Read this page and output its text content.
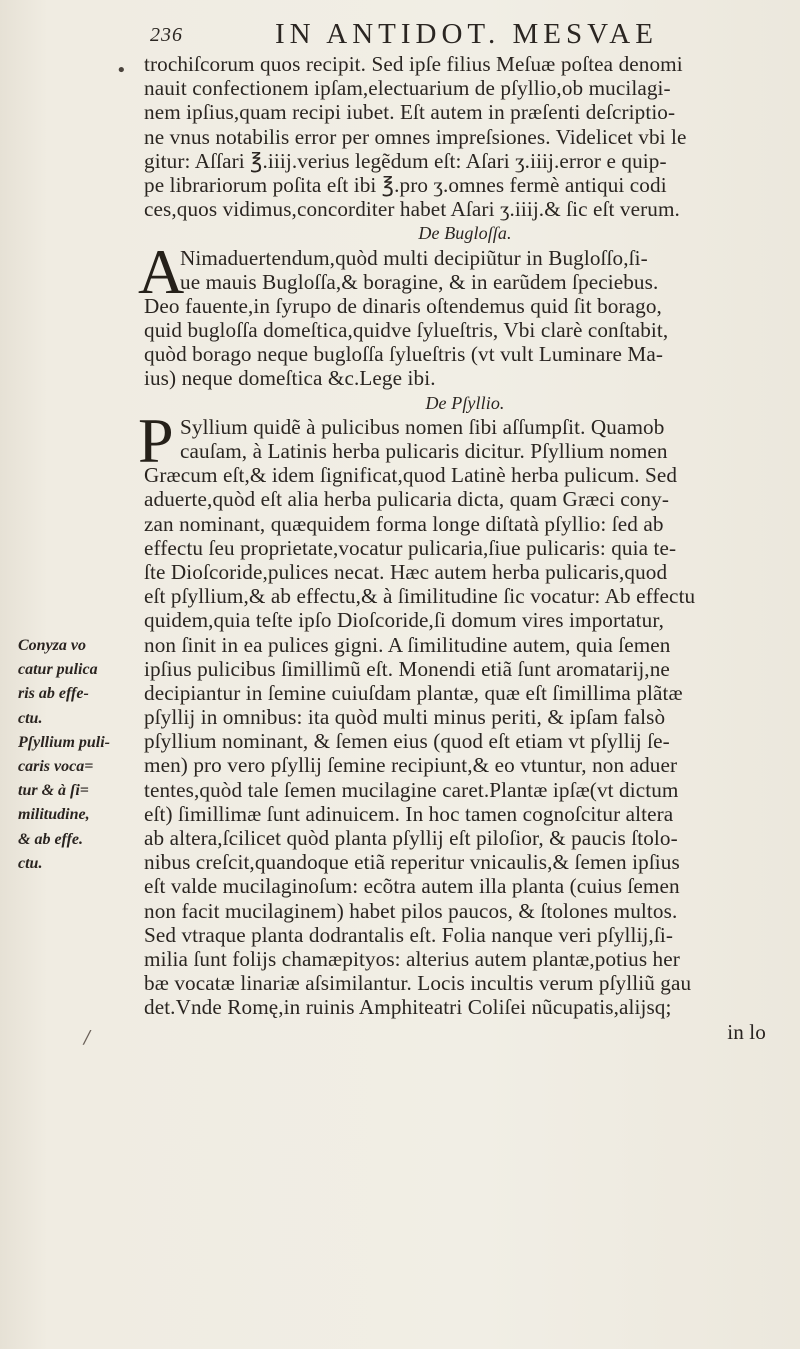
236	IN ANTIDOT. MESVAE
• trochiſcorum quos recipit. Sed ipſe filius Meſuæ poſtea denomi
nauit confectionem ipſam,electuarium de pſyllio,ob mucilagi-
nem ipſius,quam recipi iubet. Eſt autem in præſenti deſcriptio-
ne vnus notabilis error per omnes impreſsiones. Videlicet vbi le
gitur: Aſſari ℥.iiij.verius legẽdum eſt: Aſari ʒ.iiij.error e quip-
pe librariorum poſita eſt ibi ℥.pro ʒ.omnes fermè antiqui codi
ces,quos vidimus,concorditer habet Aſari ʒ.iiij.& ſic eſt verum.
De Bugloſſa.
A
Nimaduertendum,quòd multi decipiũtur in Bugloſſo,ſi-
ue mauis Bugloſſa,& boragine, & in earũdem ſpeciebus.
Deo fauente,in ſyrupo de dinaris oſtendemus quid ſit borago,
quid bugloſſa domeſtica,quidve ſylueſtris, Vbi clarè conſtabit,
quòd borago neque bugloſſa ſylueſtris (vt vult Luminare Ma-
ius) neque domeſtica &c.Lege ibi.
De Pſyllio.
P Syllium quidẽ à pulicibus nomen ſibi aſſumpſit. Quamob
cauſam, à Latinis herba pulicaris dicitur. Pſyllium nomen
Græcum eſt,& idem ſignificat,quod Latinè herba pulicum. Sed
aduerte,quòd eſt alia herba pulicaria dicta, quam Græci cony-
zan nominant, quæquidem forma longe diſtatà pſyllio: ſed ab
effectu ſeu proprietate,vocatur pulicaria,ſiue pulicaris: quia te-
ſte Dioſcoride,pulices necat. Hæc autem herba pulicaris,quod
eſt pſyllium,& ab effectu,& à ſimilitudine ſic vocatur: Ab effectu
quidem,quia teſte ipſo Dioſcoride,ſi domum vires importatur,
non ſinit in ea pulices gigni. A ſimilitudine autem, quia ſemen
ipſius pulicibus ſimillimũ eſt. Monendi etiã ſunt aromatarij,ne
decipiantur in ſemine cuiuſdam plantæ, quæ eſt ſimillima plãtæ
pſyllij in omnibus: ita quòd multi minus periti, & ipſam falsò
pſyllium nominant, & ſemen eius (quod eſt etiam vt pſyllij ſe-
men) pro vero pſyllij ſemine recipiunt,& eo vtuntur, non aduer
tentes,quòd tale ſemen mucilagine caret.Plantæ ipſæ(vt dictum
eſt) ſimillimæ ſunt adinuicem. In hoc tamen cognoſcitur altera
ab altera,ſcilicet quòd planta pſyllij eſt piloſior, & paucis ſtolo-
nibus creſcit,quandoque etiã reperitur vnicaulis,& ſemen ipſius
eſt valde mucilaginoſum: ecõtra autem illa planta (cuius ſemen
non facit mucilaginem) habet pilos paucos, & ſtolones multos.
Sed vtraque planta dodrantalis eſt. Folia nanque veri pſyllij,ſi-
milia ſunt folijs chamæpityos: alterius autem plantæ,potius her
bæ vocatæ linariæ aſsimilantur. Locis incultis verum pſylliũ gau
det.Vnde Romę,in ruinis Amphiteatri Coliſei nũcupatis,alijsq;
in lo
Conyza vo
catur pulica
ris ab effe-
ctu.
Pſyllium puli-
caris voca=
tur & à ſi=
militudine,
& ab effe.
ctu.
/
